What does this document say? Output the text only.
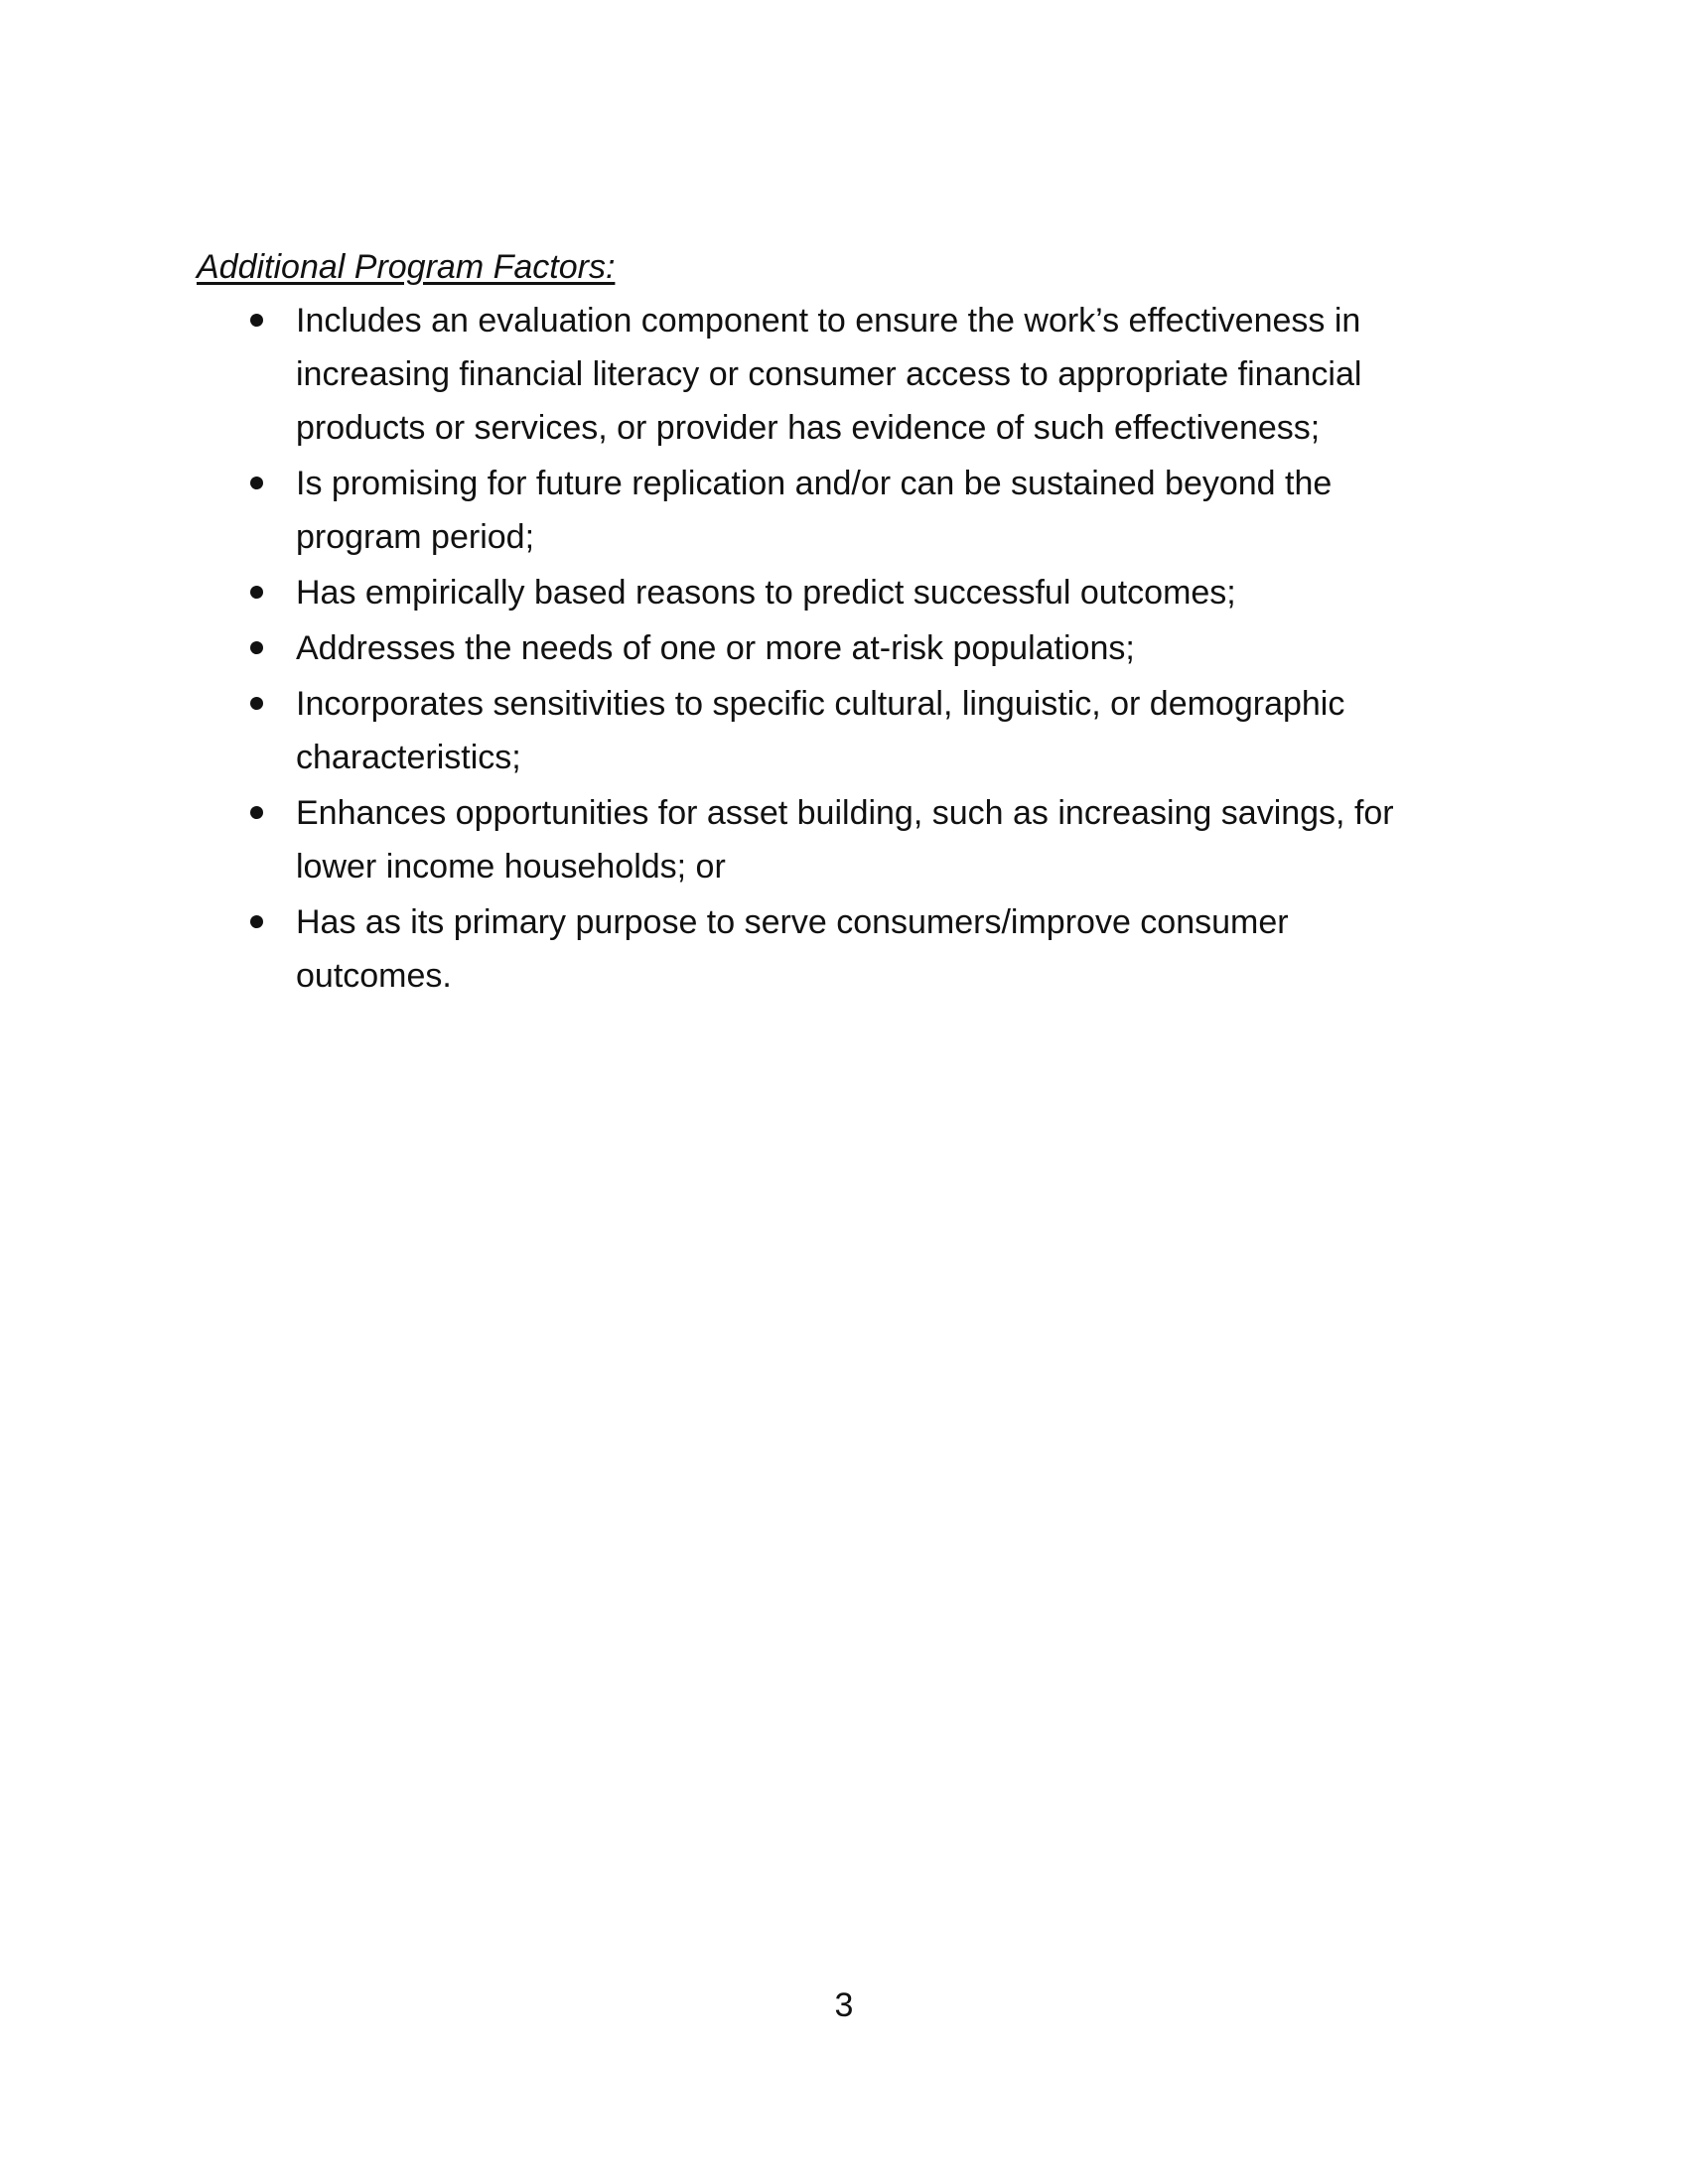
Additional Program Factors:
Includes an evaluation component to ensure the work’s effectiveness in increasing financial literacy or consumer access to appropriate financial products or services, or provider has evidence of such effectiveness;
Is promising for future replication and/or can be sustained beyond the program period;
Has empirically based reasons to predict successful outcomes;
Addresses the needs of one or more at-risk populations;
Incorporates sensitivities to specific cultural, linguistic, or demographic characteristics;
Enhances opportunities for asset building, such as increasing savings, for lower income households; or
Has as its primary purpose to serve consumers/improve consumer outcomes.
3
